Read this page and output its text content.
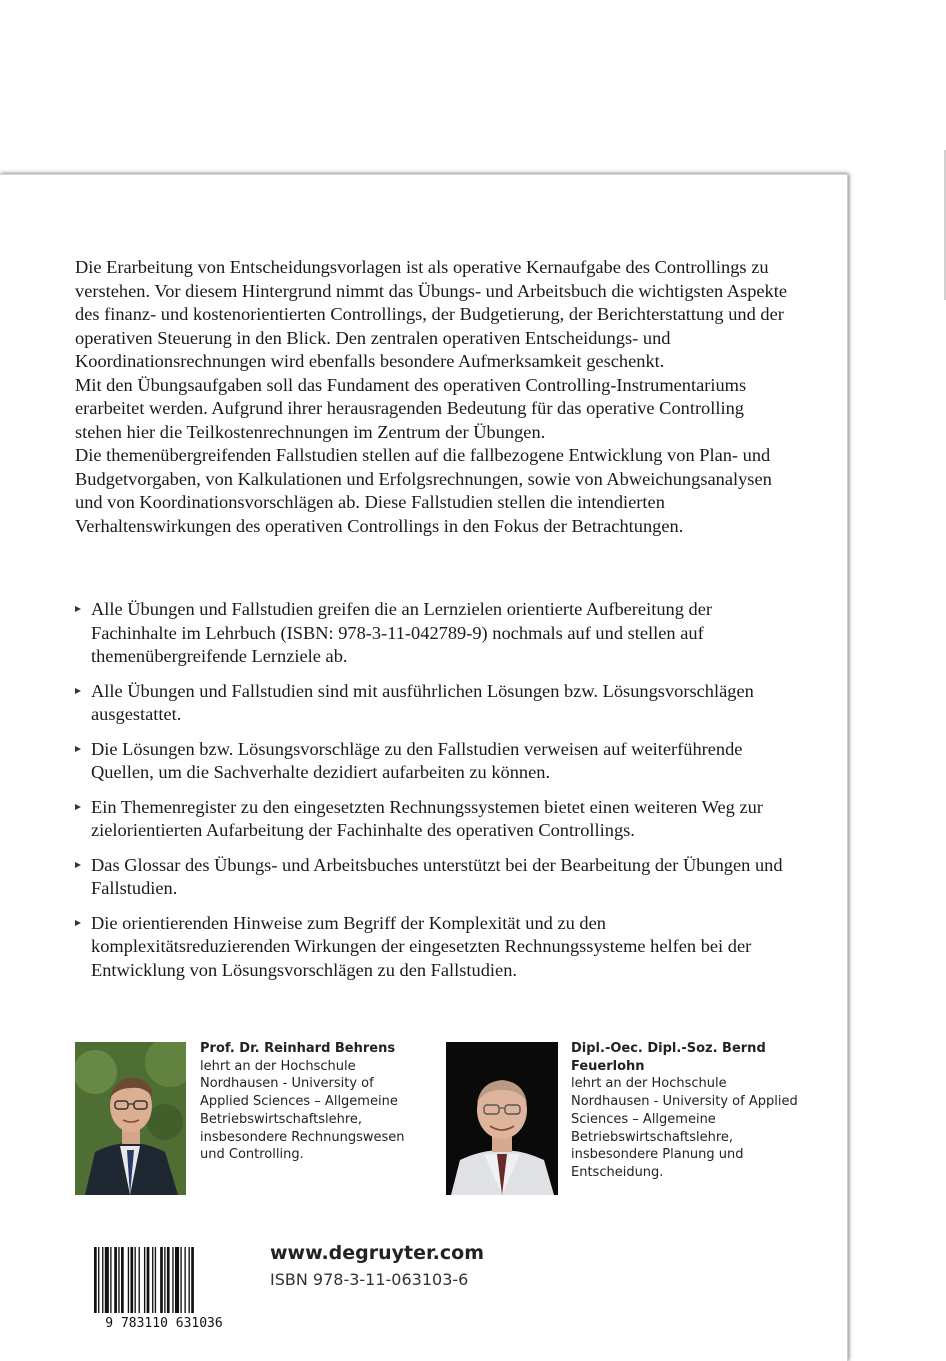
Die Erarbeitung von Entscheidungsvorlagen ist als operative Kernaufgabe des Controllings zu verstehen. Vor diesem Hintergrund nimmt das Übungs- und Arbeitsbuch die wichtigsten Aspekte des finanz- und kostenorientierten Controllings, der Budgetierung, der Berichterstattung und der operativen Steuerung in den Blick. Den zentralen operativen Entscheidungs- und Koordinationsrechnungen wird ebenfalls besondere Aufmerksamkeit geschenkt.

Mit den Übungsaufgaben soll das Fundament des operativen Controlling-Instrumentariums erarbeitet werden. Aufgrund ihrer herausragenden Bedeutung für das operative Controlling stehen hier die Teilkostenrechnungen im Zentrum der Übungen.

Die themenübergreifenden Fallstudien stellen auf die fallbezogene Entwicklung von Plan- und Budgetvorgaben, von Kalkulationen und Erfolgsrechnungen, sowie von Abweichungsanalysen und von Koordinationsvorschlägen ab. Diese Fallstudien stellen die intendierten Verhaltenswirkungen des operativen Controllings in den Fokus der Betrachtungen.

Alle Übungen und Fallstudien greifen die an Lernzielen orientierte Aufbereitung der Fachinhalte im Lehrbuch (ISBN: 978-3-11-042789-9) nochmals auf und stellen auf themenübergreifende Lernziele ab.
Alle Übungen und Fallstudien sind mit ausführlichen Lösungen bzw. Lösungsvorschlägen ausgestattet.
Die Lösungen bzw. Lösungsvorschläge zu den Fallstudien verweisen auf weiterführende Quellen, um die Sachverhalte dezidiert aufarbeiten zu können.
Ein Themenregister zu den eingesetzten Rechnungssystemen bietet einen weiteren Weg zur zielorientierten Aufarbeitung der Fachinhalte des operativen Controllings.
Das Glossar des Übungs- und Arbeitsbuches unterstützt bei der Bearbeitung der Übungen und Fallstudien.
Die orientierenden Hinweise zum Begriff der Komplexität und zu den komplexitätsreduzierenden Wirkungen der eingesetzten Rechnungssysteme helfen bei der Entwicklung von Lösungsvorschlägen zu den Fallstudien.
Prof. Dr. Reinhard Behrens
lehrt an der Hochschule Nordhausen - University of Applied Sciences – Allgemeine Betriebswirtschaftslehre, insbesondere Rechnungswesen und Controlling.
Dipl.-Oec. Dipl.-Soz. Bernd Feuerlohn
lehrt an der Hochschule Nordhausen - University of Applied Sciences – Allgemeine Betriebswirtschaftslehre, insbesondere Planung und Entscheidung.
9 783110 631036
www.degruyter.com
ISBN 978-3-11-063103-6
